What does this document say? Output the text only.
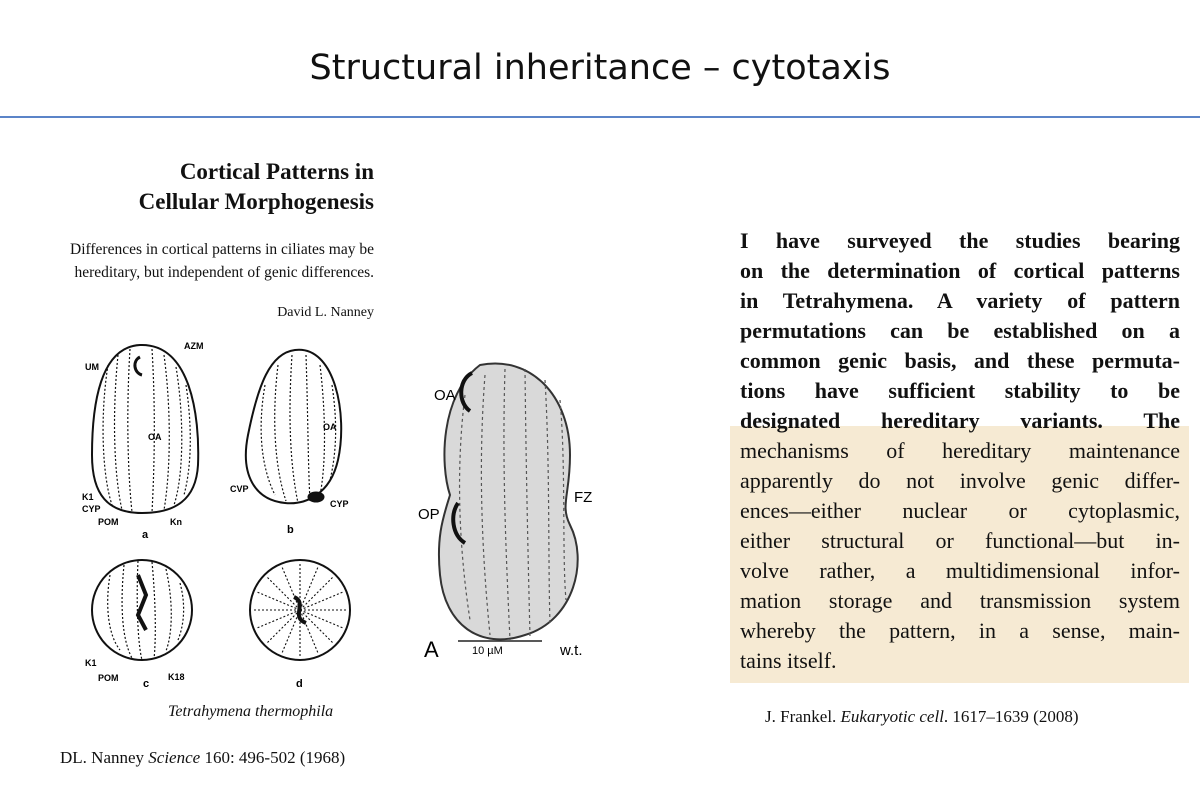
Structural inheritance – cytotaxis
Cortical Patterns in
Cellular Morphogenesis
Differences in cortical patterns in ciliates may be
hereditary, but independent of genic differences.
David L. Nanney
UM
AZM
OA
K1
CYP
POM	Kn
a
CVP
OA
CYP
b
K1
POM	K18
c	d
Tetrahymena thermophila
DL. Nanney Science 160: 496-502 (1968)
OA
OP
FZ
A	10 µM	w.t.

I have surveyed the studies bearing

on the determination of cortical patterns

in Tetrahymena. A variety of pattern

permutations can be established on a

common genic basis, and these permuta-

tions have sufficient stability to be

designated hereditary variants. The

mechanisms of hereditary maintenance

apparently do not involve genic differ-

ences—either nuclear or cytoplasmic,

either structural or functional—but in-

volve rather, a multidimensional infor-

mation storage and transmission system

whereby the pattern, in a sense, main-

tains itself.

J. Frankel. Eukaryotic cell. 1617–1639 (2008)
